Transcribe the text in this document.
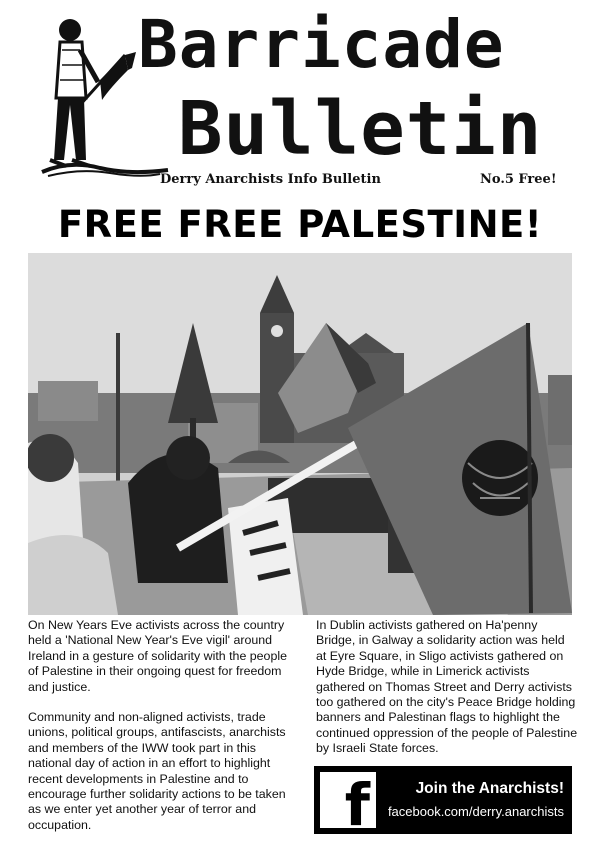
Barricade
Bulletin
Derry Anarchists Info Bulletin	No.5 Free!
FREE FREE PALESTINE!

On New Years Eve activists across the country held a 'National New Year's Eve vigil' around Ireland in a gesture of solidarity with the people of Palestine in their ongoing quest for freedom and justice.

Community and non-aligned activists, trade unions, political groups, antifascists, anarchists and members of the IWW took part in this national day of action in an effort to highlight recent developments in Palestine and to encourage further solidarity actions to be taken as we enter yet another year of terror and occupation.

In Dublin activists gathered on Ha'penny Bridge, in Galway a solidarity action was held at Eyre Square, in Sligo activists gathered on Hyde Bridge, while in Limerick activists gathered on Thomas Street and Derry activists too gathered on the city's Peace Bridge holding banners and Palestinan flags to highlight the continued oppression of the people of Palestine by Israeli State forces.

f	Join the Anarchists!
facebook.com/derry.anarchists
